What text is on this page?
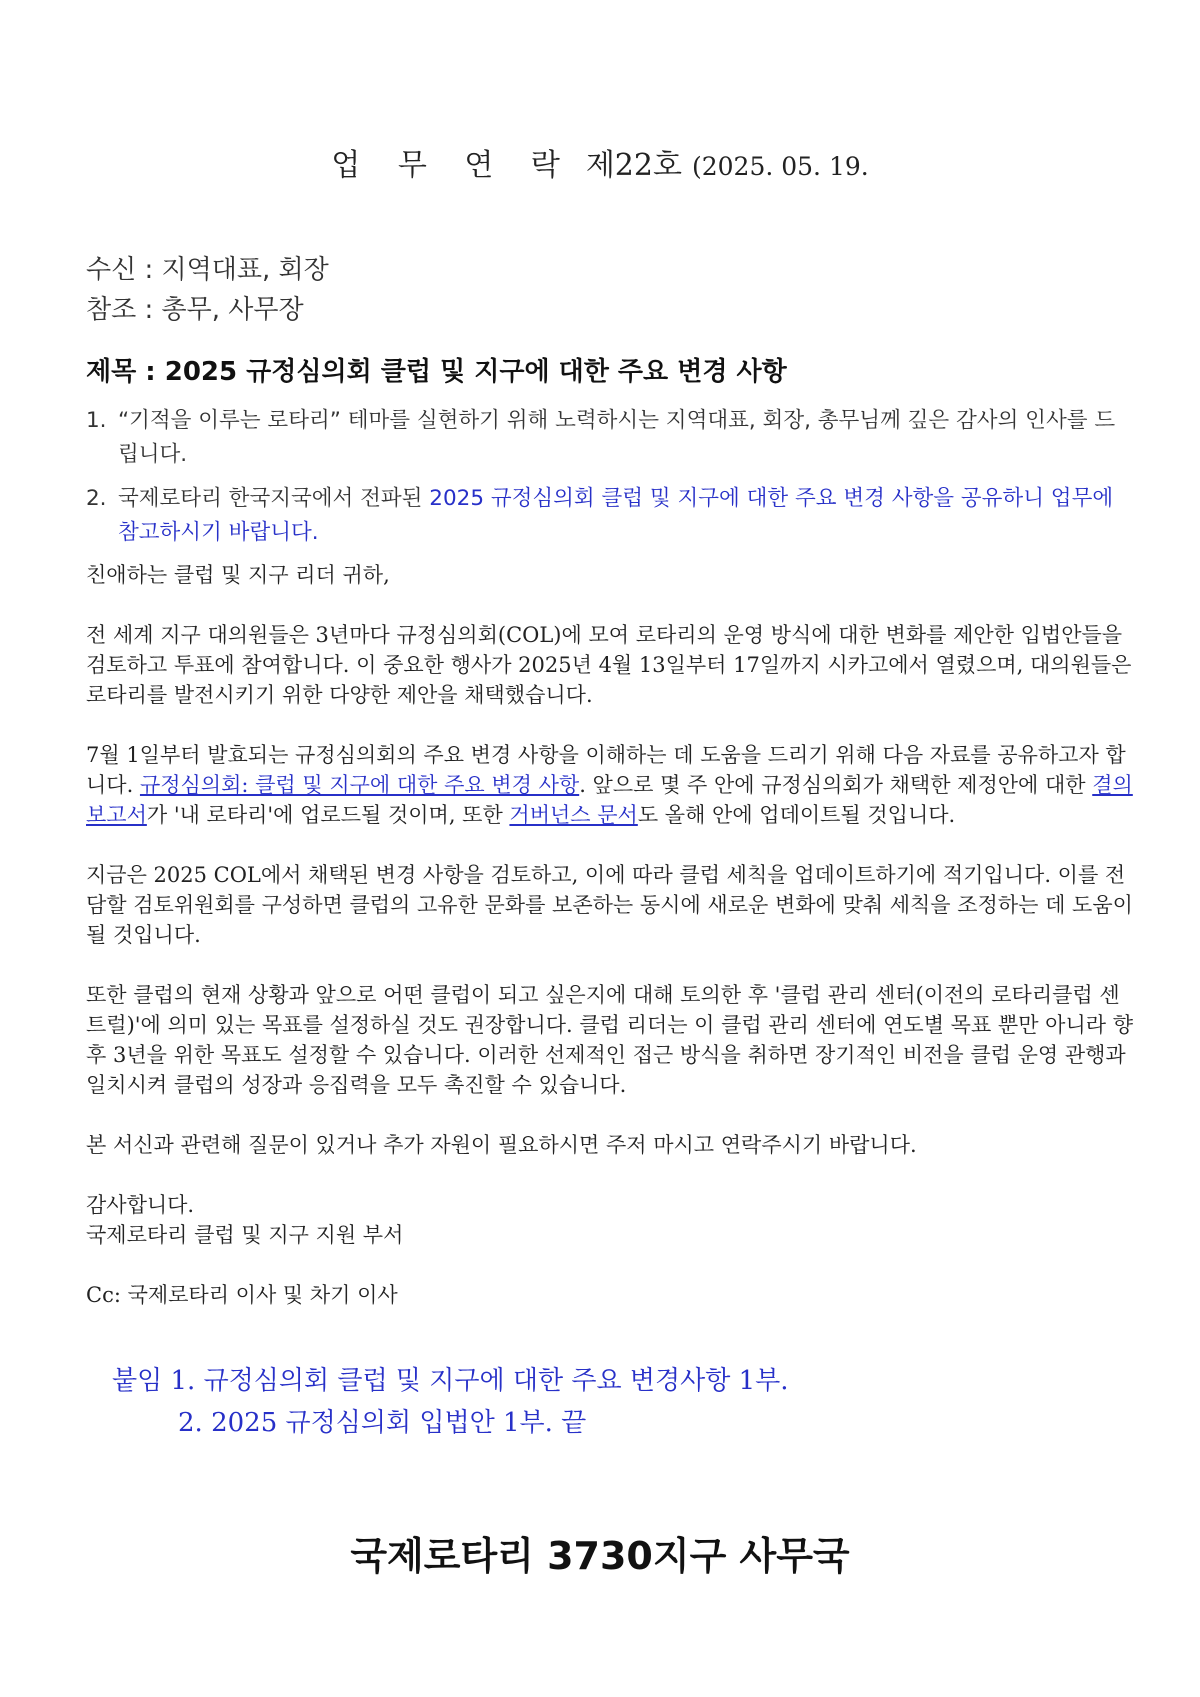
업 무 연 락 제22호 (2025. 05. 19.
수신 : 지역대표, 회장
참조 : 총무, 사무장
제목 : 2025 규정심의회 클럽 및 지구에 대한 주요 변경 사항
1. “기적을 이루는 로타리” 테마를 실현하기 위해 노력하시는 지역대표, 회장, 총무님께 깊은 감사의 인사를 드립니다.
2. 국제로타리 한국지국에서 전파된 2025 규정심의회 클럽 및 지구에 대한 주요 변경 사항을 공유하니 업무에 참고하시기 바랍니다.

친애하는 클럽 및 지구 리더 귀하,

전 세계 지구 대의원들은 3년마다 규정심의회(COL)에 모여 로타리의 운영 방식에 대한 변화를 제안한 입법안들을 검토하고 투표에 참여합니다. 이 중요한 행사가 2025년 4월 13일부터 17일까지 시카고에서 열렸으며, 대의원들은 로타리를 발전시키기 위한 다양한 제안을 채택했습니다.

7월 1일부터 발효되는 규정심의회의 주요 변경 사항을 이해하는 데 도움을 드리기 위해 다음 자료를 공유하고자 합니다. 규정심의회: 클럽 및 지구에 대한 주요 변경 사항. 앞으로 몇 주 안에 규정심의회가 채택한 제정안에 대한 결의보고서가 '내 로타리'에 업로드될 것이며, 또한 거버넌스 문서도 올해 안에 업데이트될 것입니다.

지금은 2025 COL에서 채택된 변경 사항을 검토하고, 이에 따라 클럽 세칙을 업데이트하기에 적기입니다. 이를 전담할 검토위원회를 구성하면 클럽의 고유한 문화를 보존하는 동시에 새로운 변화에 맞춰 세칙을 조정하는 데 도움이 될 것입니다.

또한 클럽의 현재 상황과 앞으로 어떤 클럽이 되고 싶은지에 대해 토의한 후 '클럽 관리 센터(이전의 로타리클럽 센트럴)'에 의미 있는 목표를 설정하실 것도 권장합니다. 클럽 리더는 이 클럽 관리 센터에 연도별 목표 뿐만 아니라 향후 3년을 위한 목표도 설정할 수 있습니다. 이러한 선제적인 접근 방식을 취하면 장기적인 비전을 클럽 운영 관행과 일치시켜 클럽의 성장과 응집력을 모두 촉진할 수 있습니다.

본 서신과 관련해 질문이 있거나 추가 자원이 필요하시면 주저 마시고 연락주시기 바랍니다.

감사합니다.

국제로타리 클럽 및 지구 지원 부서

Cc: 국제로타리 이사 및 차기 이사

붙임 1. 규정심의회 클럽 및 지구에 대한 주요 변경사항 1부.
2. 2025 규정심의회 입법안 1부. 끝
국제로타리 3730지구 사무국
